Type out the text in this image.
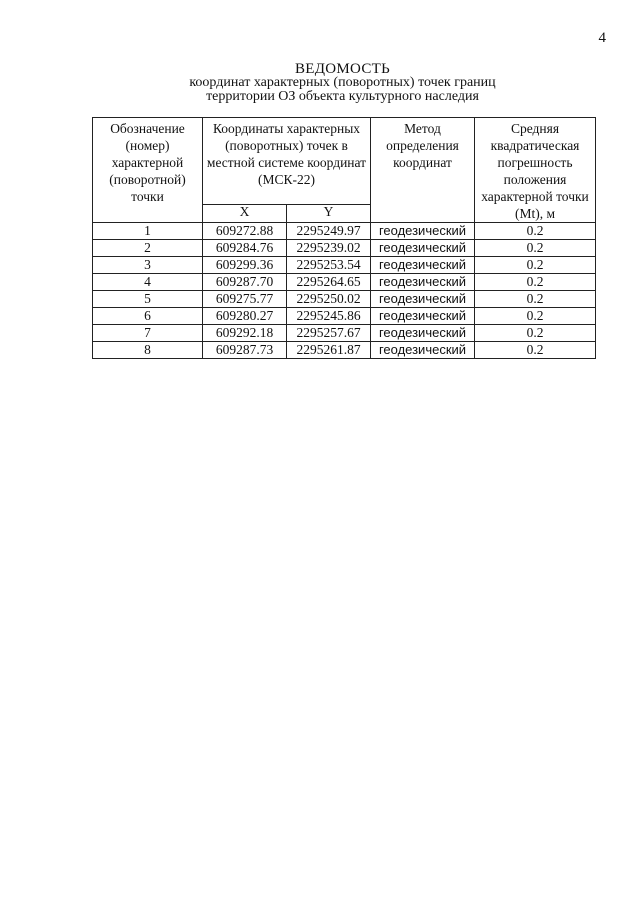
4
ВЕДОМОСТЬ
координат характерных (поворотных) точек границ
территории ОЗ объекта культурного наследия
Обозначение (номер) характерной (поворотной) точки	Координаты характерных (поворотных) точек в местной системе координат (МСК-22)		Метод определения координат	Средняя квадратическая погрешность положения характерной точки (Mt), м
	X	Y		
1	609272.88	2295249.97	геодезический	0.2
2	609284.76	2295239.02	геодезический	0.2
3	609299.36	2295253.54	геодезический	0.2
4	609287.70	2295264.65	геодезический	0.2
5	609275.77	2295250.02	геодезический	0.2
6	609280.27	2295245.86	геодезический	0.2
7	609292.18	2295257.67	геодезический	0.2
8	609287.73	2295261.87	геодезический	0.2
